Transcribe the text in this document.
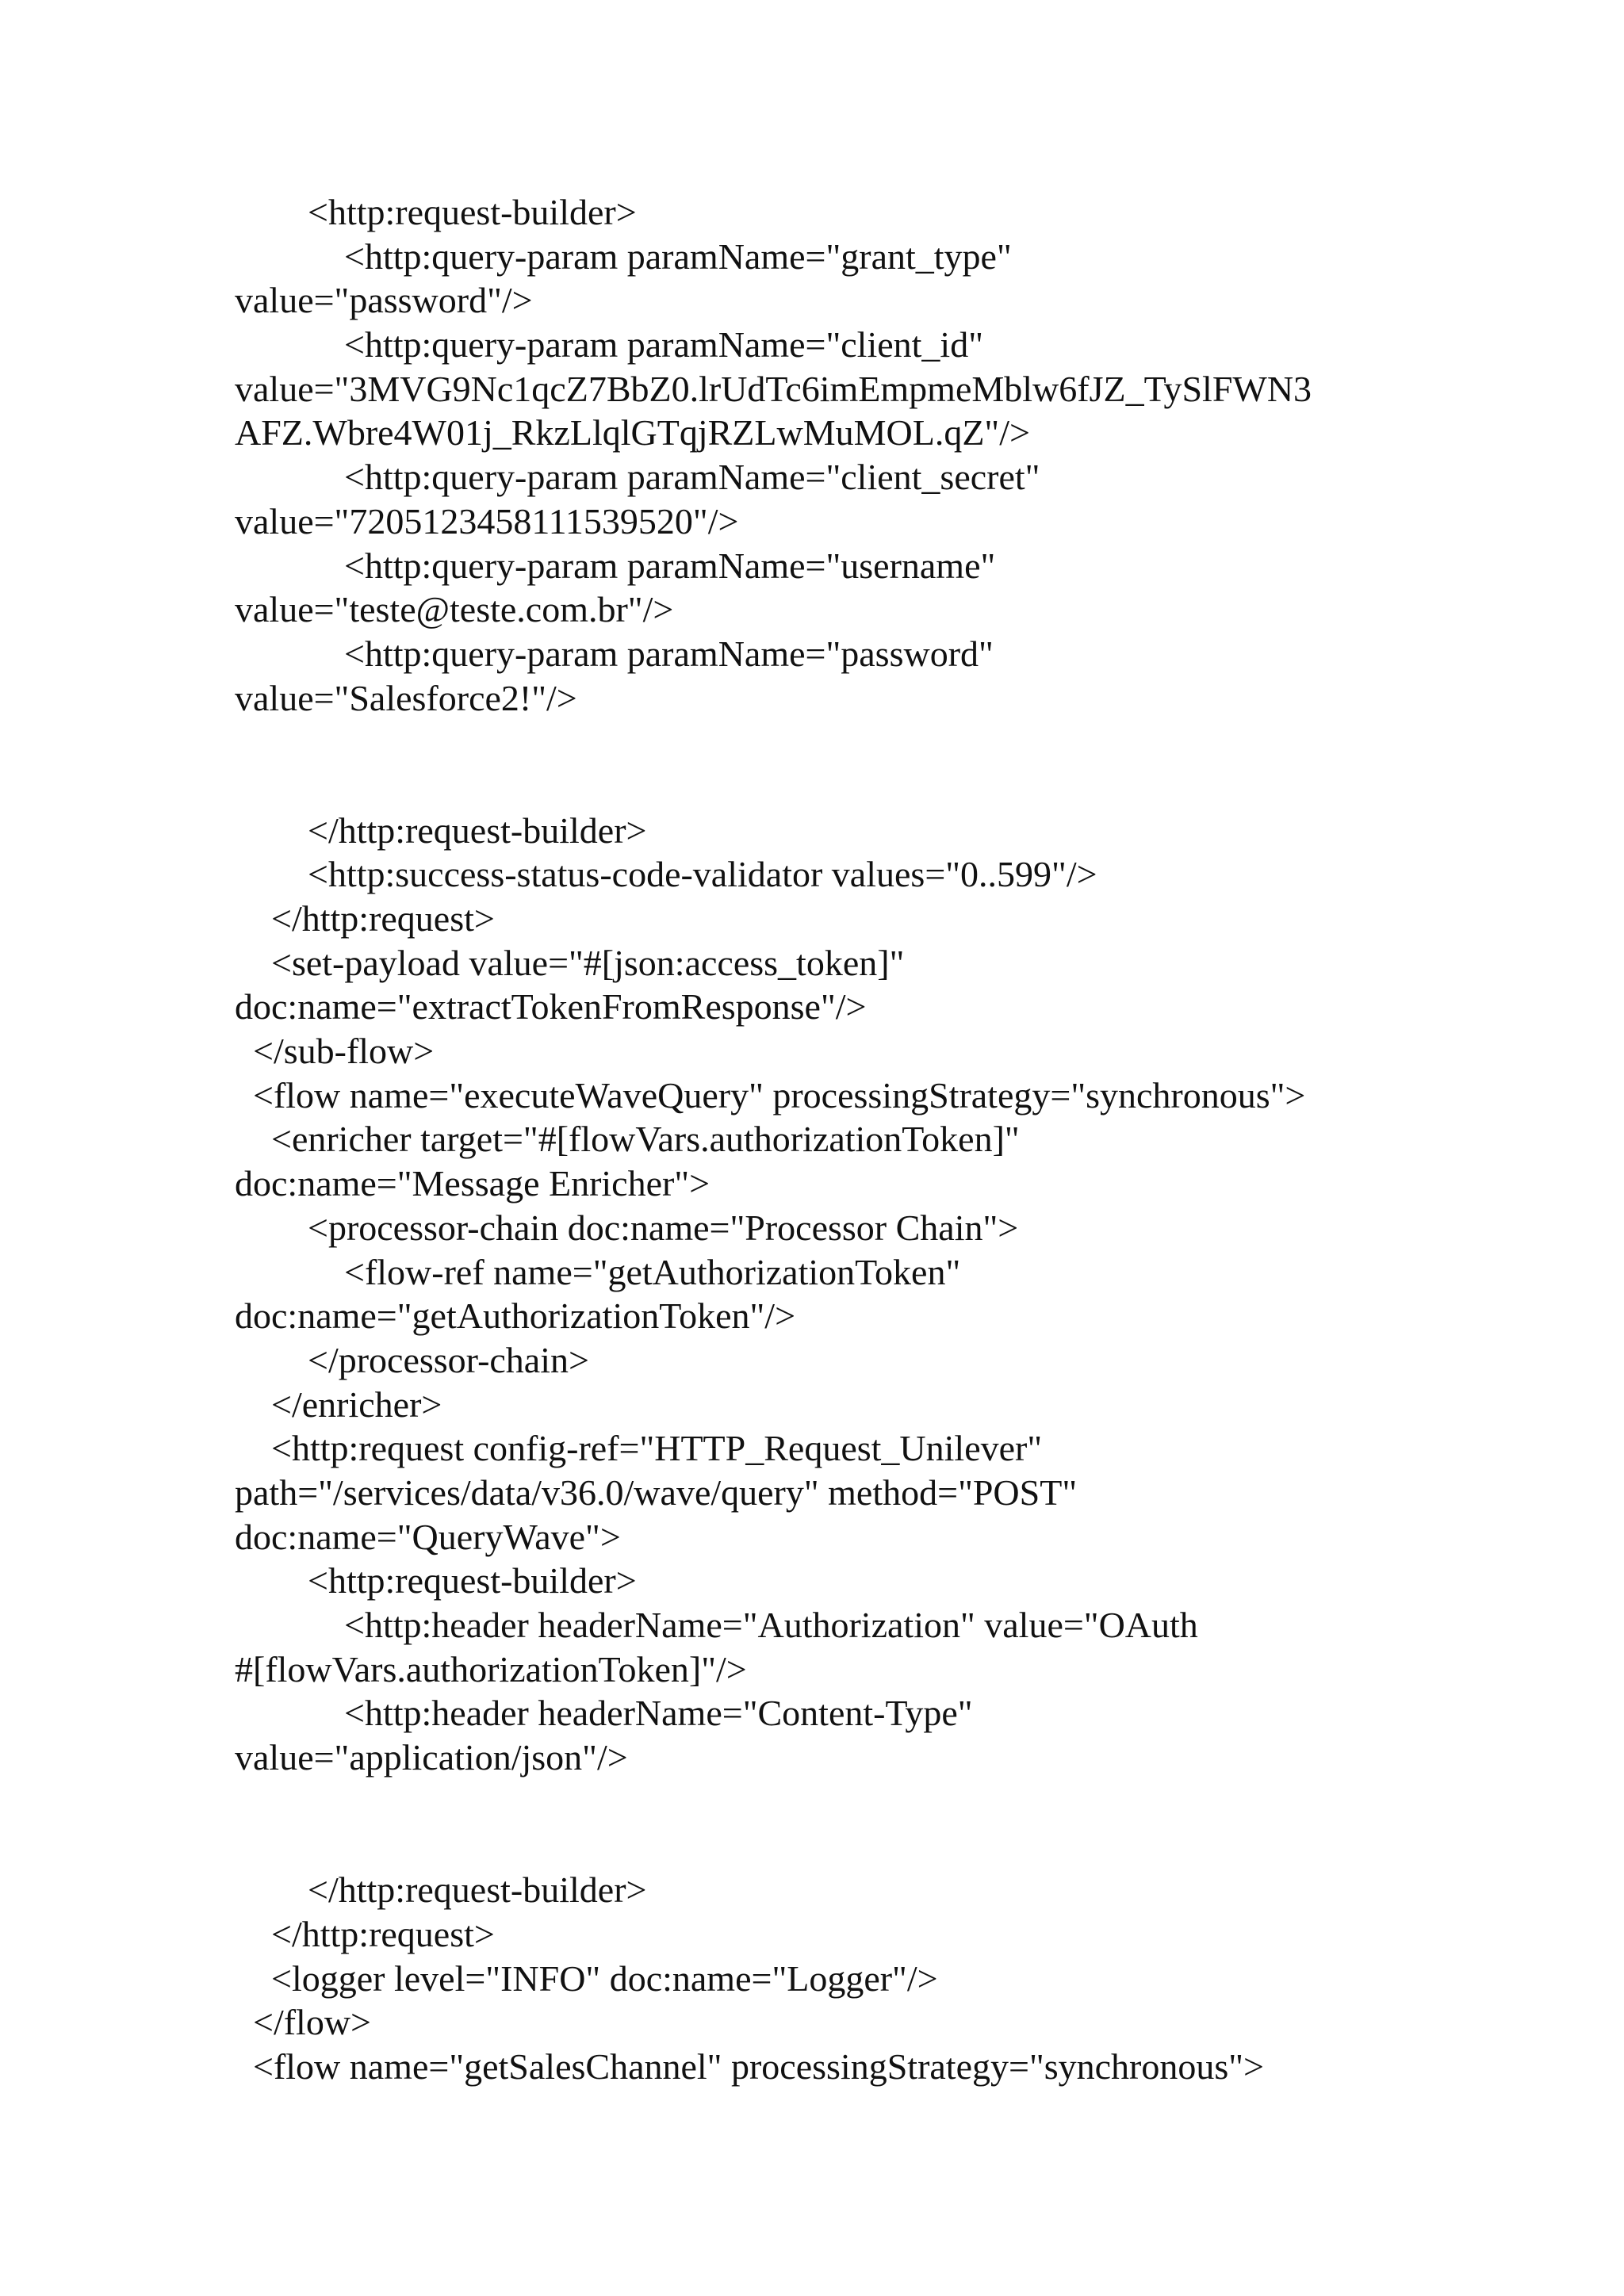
<http:request-builder>
<http:query-param paramName="grant_type"
value="password"/>
<http:query-param paramName="client_id"
value="3MVG9Nc1qcZ7BbZ0.lrUdTc6imEmpmeMblw6fJZ_TySlFWN3
AFZ.Wbre4W01j_RkzLlqlGTqjRZLwMuMOL.qZ"/>
<http:query-param paramName="client_secret"
value="7205123458111539520"/>
<http:query-param paramName="username"
value="teste@teste.com.br"/>
<http:query-param paramName="password"
value="Salesforce2!"/>
</http:request-builder>
<http:success-status-code-validator values="0..599"/>
</http:request>
<set-payload value="#[json:access_token]"
doc:name="extractTokenFromResponse"/>
</sub-flow>
<flow name="executeWaveQuery" processingStrategy="synchronous">
<enricher target="#[flowVars.authorizationToken]"
doc:name="Message Enricher">
<processor-chain doc:name="Processor Chain">
<flow-ref name="getAuthorizationToken"
doc:name="getAuthorizationToken"/>
</processor-chain>
</enricher>
<http:request config-ref="HTTP_Request_Unilever"
path="/services/data/v36.0/wave/query" method="POST"
doc:name="QueryWave">
<http:request-builder>
<http:header headerName="Authorization" value="OAuth
#[flowVars.authorizationToken]"/>
<http:header headerName="Content-Type"
value="application/json"/>
</http:request-builder>
</http:request>
<logger level="INFO" doc:name="Logger"/>
</flow>
<flow name="getSalesChannel" processingStrategy="synchronous">
